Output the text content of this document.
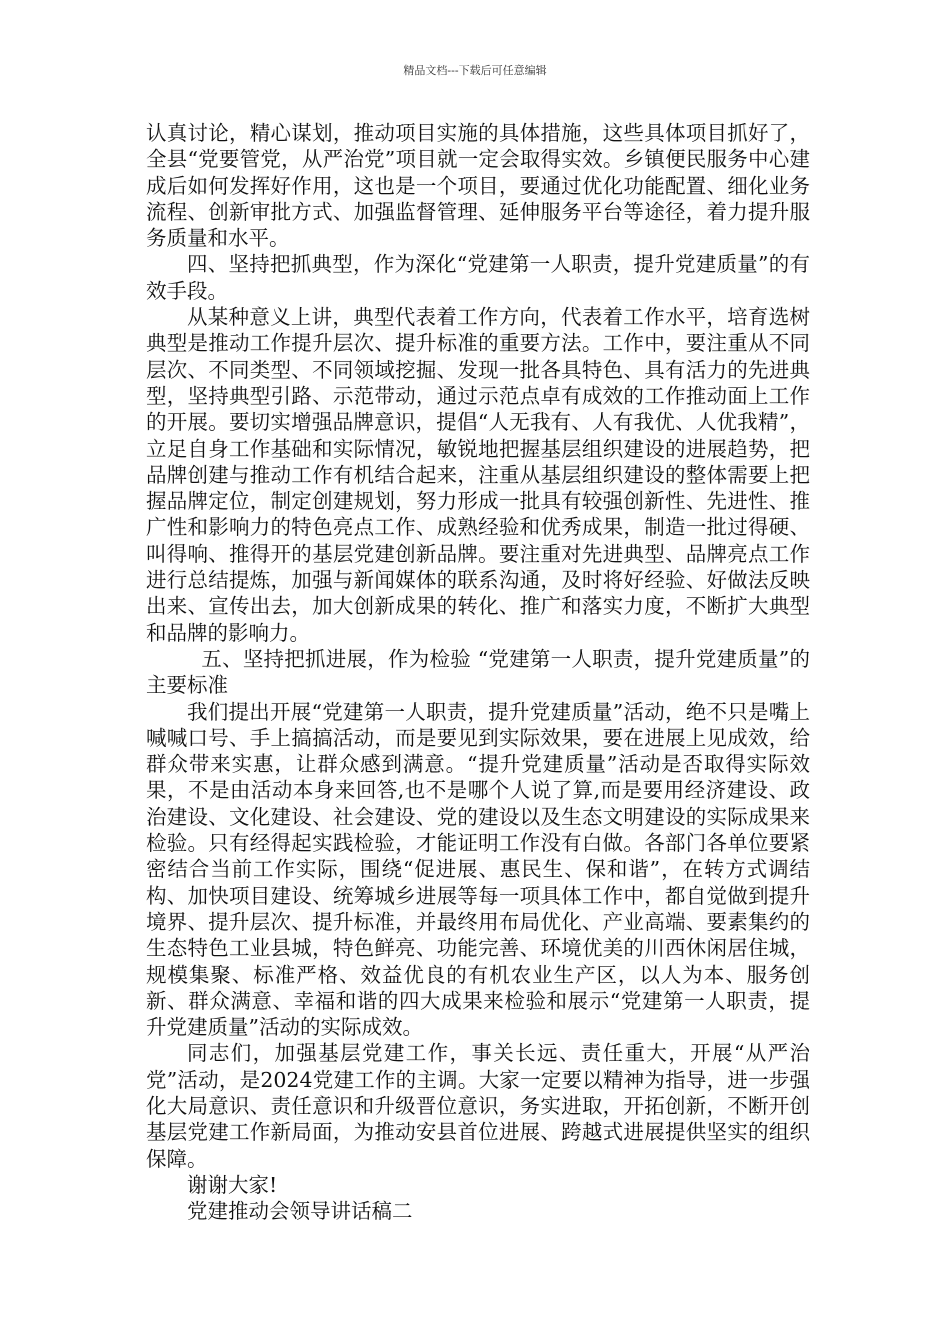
精品文档---下载后可任意编辑

认真讨论，精心谋划，推动项目实施的具体措施，这些具体项目抓好了，全县“党要管党，从严治党”项目就一定会取得实效。乡镇便民服务中心建成后如何发挥好作用，这也是一个项目，要通过优化功能配置、细化业务流程、创新审批方式、加强监督管理、延伸服务平台等途径，着力提升服务质量和水平。

四、坚持把抓典型，作为深化“党建第一人职责，提升党建质量”的有效手段。

从某种意义上讲，典型代表着工作方向，代表着工作水平，培育选树典型是推动工作提升层次、提升标准的重要方法。工作中，要注重从不同层次、不同类型、不同领域挖掘、发现一批各具特色、具有活力的先进典型，坚持典型引路、示范带动，通过示范点卓有成效的工作推动面上工作的开展。要切实增强品牌意识，提倡“人无我有、人有我优、人优我精”，立足自身工作基础和实际情况，敏锐地把握基层组织建设的进展趋势，把品牌创建与推动工作有机结合起来，注重从基层组织建设的整体需要上把握品牌定位，制定创建规划，努力形成一批具有较强创新性、先进性、推广性和影响力的特色亮点工作、成熟经验和优秀成果，制造一批过得硬、叫得响、推得开的基层党建创新品牌。要注重对先进典型、品牌亮点工作进行总结提炼，加强与新闻媒体的联系沟通，及时将好经验、好做法反映出来、宣传出去，加大创新成果的转化、推广和落实力度，不断扩大典型和品牌的影响力。

五、坚持把抓进展，作为检验 “党建第一人职责，提升党建质量”的主要标准

我们提出开展“党建第一人职责，提升党建质量”活动，绝不只是嘴上喊喊口号、手上搞搞活动，而是要见到实际效果，要在进展上见成效，给群众带来实惠，让群众感到满意。“提升党建质量”活动是否取得实际效果，不是由活动本身来回答,也不是哪个人说了算,而是要用经济建设、政治建设、文化建设、社会建设、党的建设以及生态文明建设的实际成果来检验。只有经得起实践检验，才能证明工作没有白做。各部门各单位要紧密结合当前工作实际，围绕“促进展、惠民生、保和谐”，在转方式调结构、加快项目建设、统筹城乡进展等每一项具体工作中，都自觉做到提升境界、提升层次、提升标准，并最终用布局优化、产业高端、要素集约的生态特色工业县城，特色鲜亮、功能完善、环境优美的川西休闲居住城，规模集聚、标准严格、效益优良的有机农业生产区，以人为本、服务创新、群众满意、幸福和谐的四大成果来检验和展示“党建第一人职责，提升党建质量”活动的实际成效。

同志们，加强基层党建工作，事关长远、责任重大，开展“从严治党”活动，是2024党建工作的主调。大家一定要以精神为指导，进一步强化大局意识、责任意识和升级晋位意识，务实进取，开拓创新，不断开创基层党建工作新局面，为推动安县首位进展、跨越式进展提供坚实的组织保障。

谢谢大家!

党建推动会领导讲话稿二
